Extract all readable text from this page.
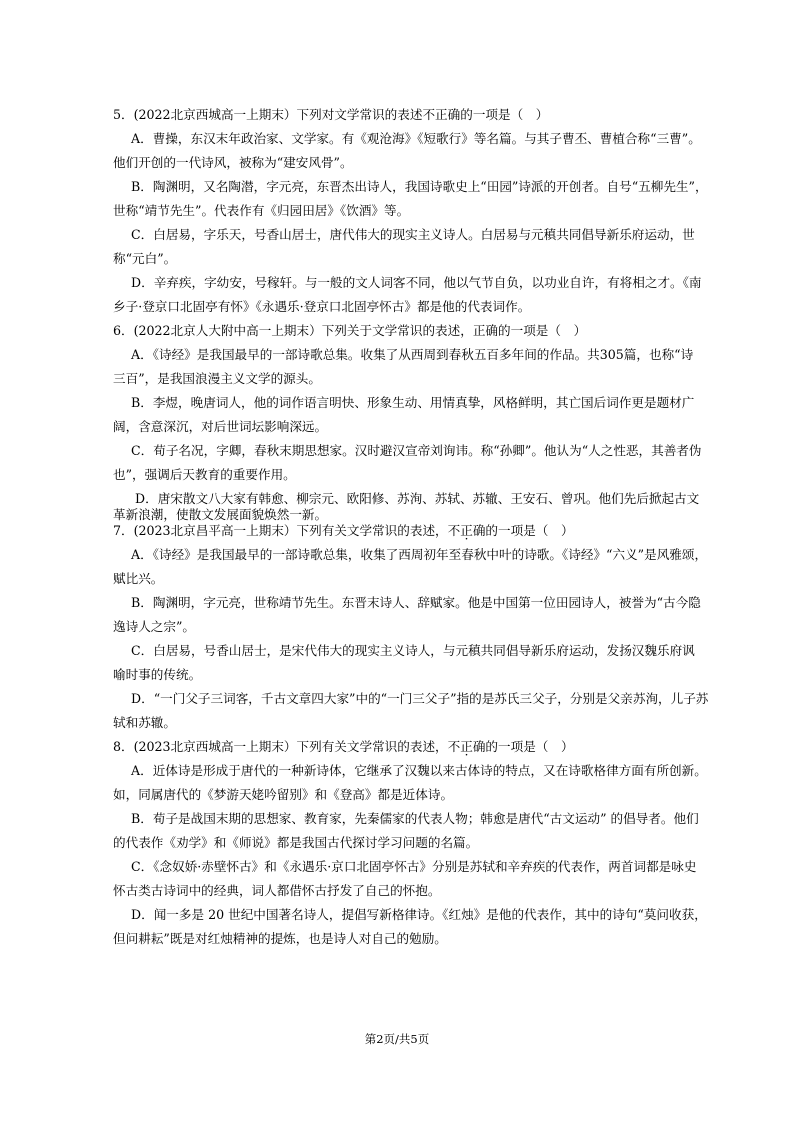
5．(2022北京西城高一上期末）下列对文学常识的表述不正确的一项是（　）
A．曹操，东汉末年政治家、文学家。有《观沧海》《短歌行》等名篇。与其子曹丕、曹植合称“三曹”。
他们开创的一代诗风，被称为“建安风骨”。
B．陶渊明，又名陶潜，字元亮，东晋杰出诗人，我国诗歌史上“田园”诗派的开创者。自号“五柳先生”，
世称“靖节先生”。代表作有《归园田居》《饮酒》等。
C．白居易，字乐天，号香山居士，唐代伟大的现实主义诗人。白居易与元稹共同倡导新乐府运动，世
称“元白”。
D．辛弃疾，字幼安，号稼轩。与一般的文人词客不同，他以气节自负，以功业自许，有将相之才。《南
乡子·登京口北固亭有怀》《永遇乐·登京口北固亭怀古》都是他的代表词作。
6．(2022北京人大附中高一上期末）下列关于文学常识的表述，正确的一项是（　）
A．《诗经》是我国最早的一部诗歌总集。收集了从西周到春秋五百多年间的作品。共305篇，也称“诗
三百”，是我国浪漫主义文学的源头。
B．李煜，晚唐词人，他的词作语言明快、形象生动、用情真挚，风格鲜明，其亡国后词作更是题材广
阔，含意深沉，对后世词坛影响深远。
C．荀子名况，字卿，春秋末期思想家。汉时避汉宣帝刘询讳。称“孙卿”。他认为“人之性恶，其善者伪
也”，强调后天教育的重要作用。
D．唐宋散文八大家有韩愈、柳宗元、欧阳修、苏洵、苏轼、苏辙、王安石、曾巩。他们先后掀起古文
革新浪潮，使散文发展面貌焕然一新。
7．(2023北京昌平高一上期末）下列有关文学常识的表述，不正确的一项是（　）
A．《诗经》是我国最早的一部诗歌总集，收集了西周初年至春秋中叶的诗歌。《诗经》“六义”是风雅颂，
赋比兴。
B．陶渊明，字元亮，世称靖节先生。东晋末诗人、辞赋家。他是中国第一位田园诗人，被誉为“古今隐
逸诗人之宗”。
C．白居易，号香山居士，是宋代伟大的现实主义诗人，与元稹共同倡导新乐府运动，发扬汉魏乐府讽
喻时事的传统。
D．“一门父子三词客，千古文章四大家”中的“一门三父子”指的是苏氏三父子，分别是父亲苏洵，儿子苏
轼和苏辙。
8．(2023北京西城高一上期末）下列有关文学常识的表述，不正确的一项是（　）
A．近体诗是形成于唐代的一种新诗体，它继承了汉魏以来古体诗的特点，又在诗歌格律方面有所创新。
如，同属唐代的《梦游天姥吟留别》和《登高》都是近体诗。
B．荀子是战国末期的思想家、教育家，先秦儒家的代表人物；韩愈是唐代“古文运动” 的倡导者。他们
的代表作《劝学》和《师说》都是我国古代探讨学习问题的名篇。
C．《念奴娇·赤壁怀古》和《永遇乐·京口北固亭怀古》分别是苏轼和辛弃疾的代表作，两首词都是咏史
怀古类古诗词中的经典，词人都借怀古抒发了自己的怀抱。
D．闻一多是 20 世纪中国著名诗人，提倡写新格律诗。《红烛》是他的代表作，其中的诗句“莫问收获，
但问耕耘”既是对红烛精神的提炼，也是诗人对自己的勉励。
第2页/共5页
